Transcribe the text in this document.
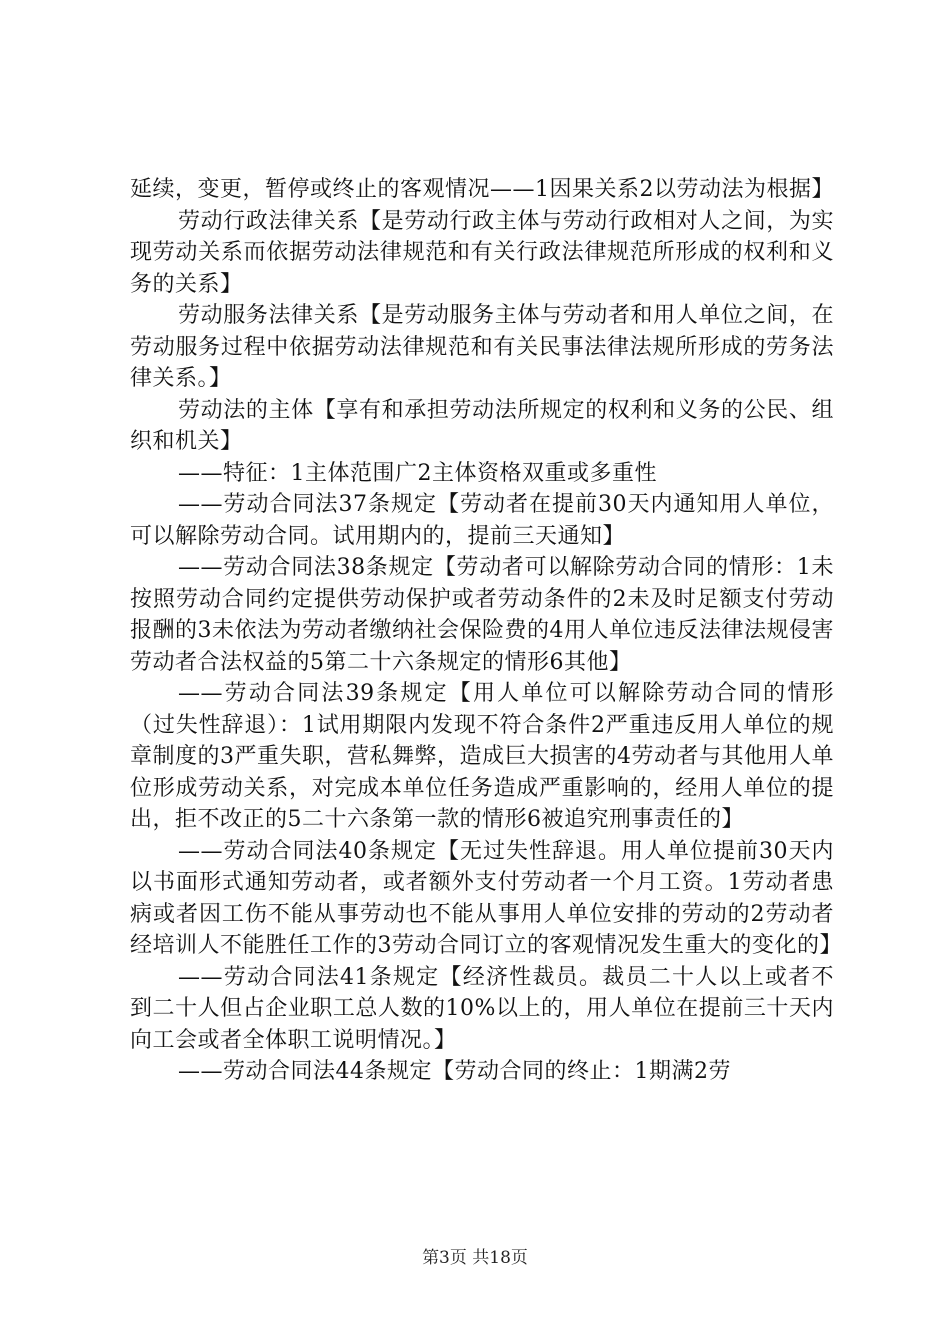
延续，变更，暂停或终止的客观情况——1因果关系2以劳动法为根据】

劳动行政法律关系【是劳动行政主体与劳动行政相对人之间，为实现劳动关系而依据劳动法律规范和有关行政法律规范所形成的权利和义务的关系】

劳动服务法律关系【是劳动服务主体与劳动者和用人单位之间，在劳动服务过程中依据劳动法律规范和有关民事法律法规所形成的劳务法律关系。】

劳动法的主体【享有和承担劳动法所规定的权利和义务的公民、组织和机关】

——特征：1主体范围广2主体资格双重或多重性

——劳动合同法37条规定【劳动者在提前30天内通知用人单位，可以解除劳动合同。试用期内的，提前三天通知】

——劳动合同法38条规定【劳动者可以解除劳动合同的情形：1未按照劳动合同约定提供劳动保护或者劳动条件的2未及时足额支付劳动报酬的3未依法为劳动者缴纳社会保险费的4用人单位违反法律法规侵害劳动者合法权益的5第二十六条规定的情形6其他】

——劳动合同法39条规定【用人单位可以解除劳动合同的情形（过失性辞退）：1试用期限内发现不符合条件2严重违反用人单位的规章制度的3严重失职，营私舞弊，造成巨大损害的4劳动者与其他用人单位形成劳动关系，对完成本单位任务造成严重影响的，经用人单位的提出，拒不改正的5二十六条第一款的情形6被追究刑事责任的】

——劳动合同法40条规定【无过失性辞退。用人单位提前30天内以书面形式通知劳动者，或者额外支付劳动者一个月工资。1劳动者患病或者因工伤不能从事劳动也不能从事用人单位安排的劳动的2劳动者经培训人不能胜任工作的3劳动合同订立的客观情况发生重大的变化的】

——劳动合同法41条规定【经济性裁员。裁员二十人以上或者不到二十人但占企业职工总人数的10%以上的，用人单位在提前三十天内向工会或者全体职工说明情况。】

——劳动合同法44条规定【劳动合同的终止：1期满2劳

第3页 共18页
